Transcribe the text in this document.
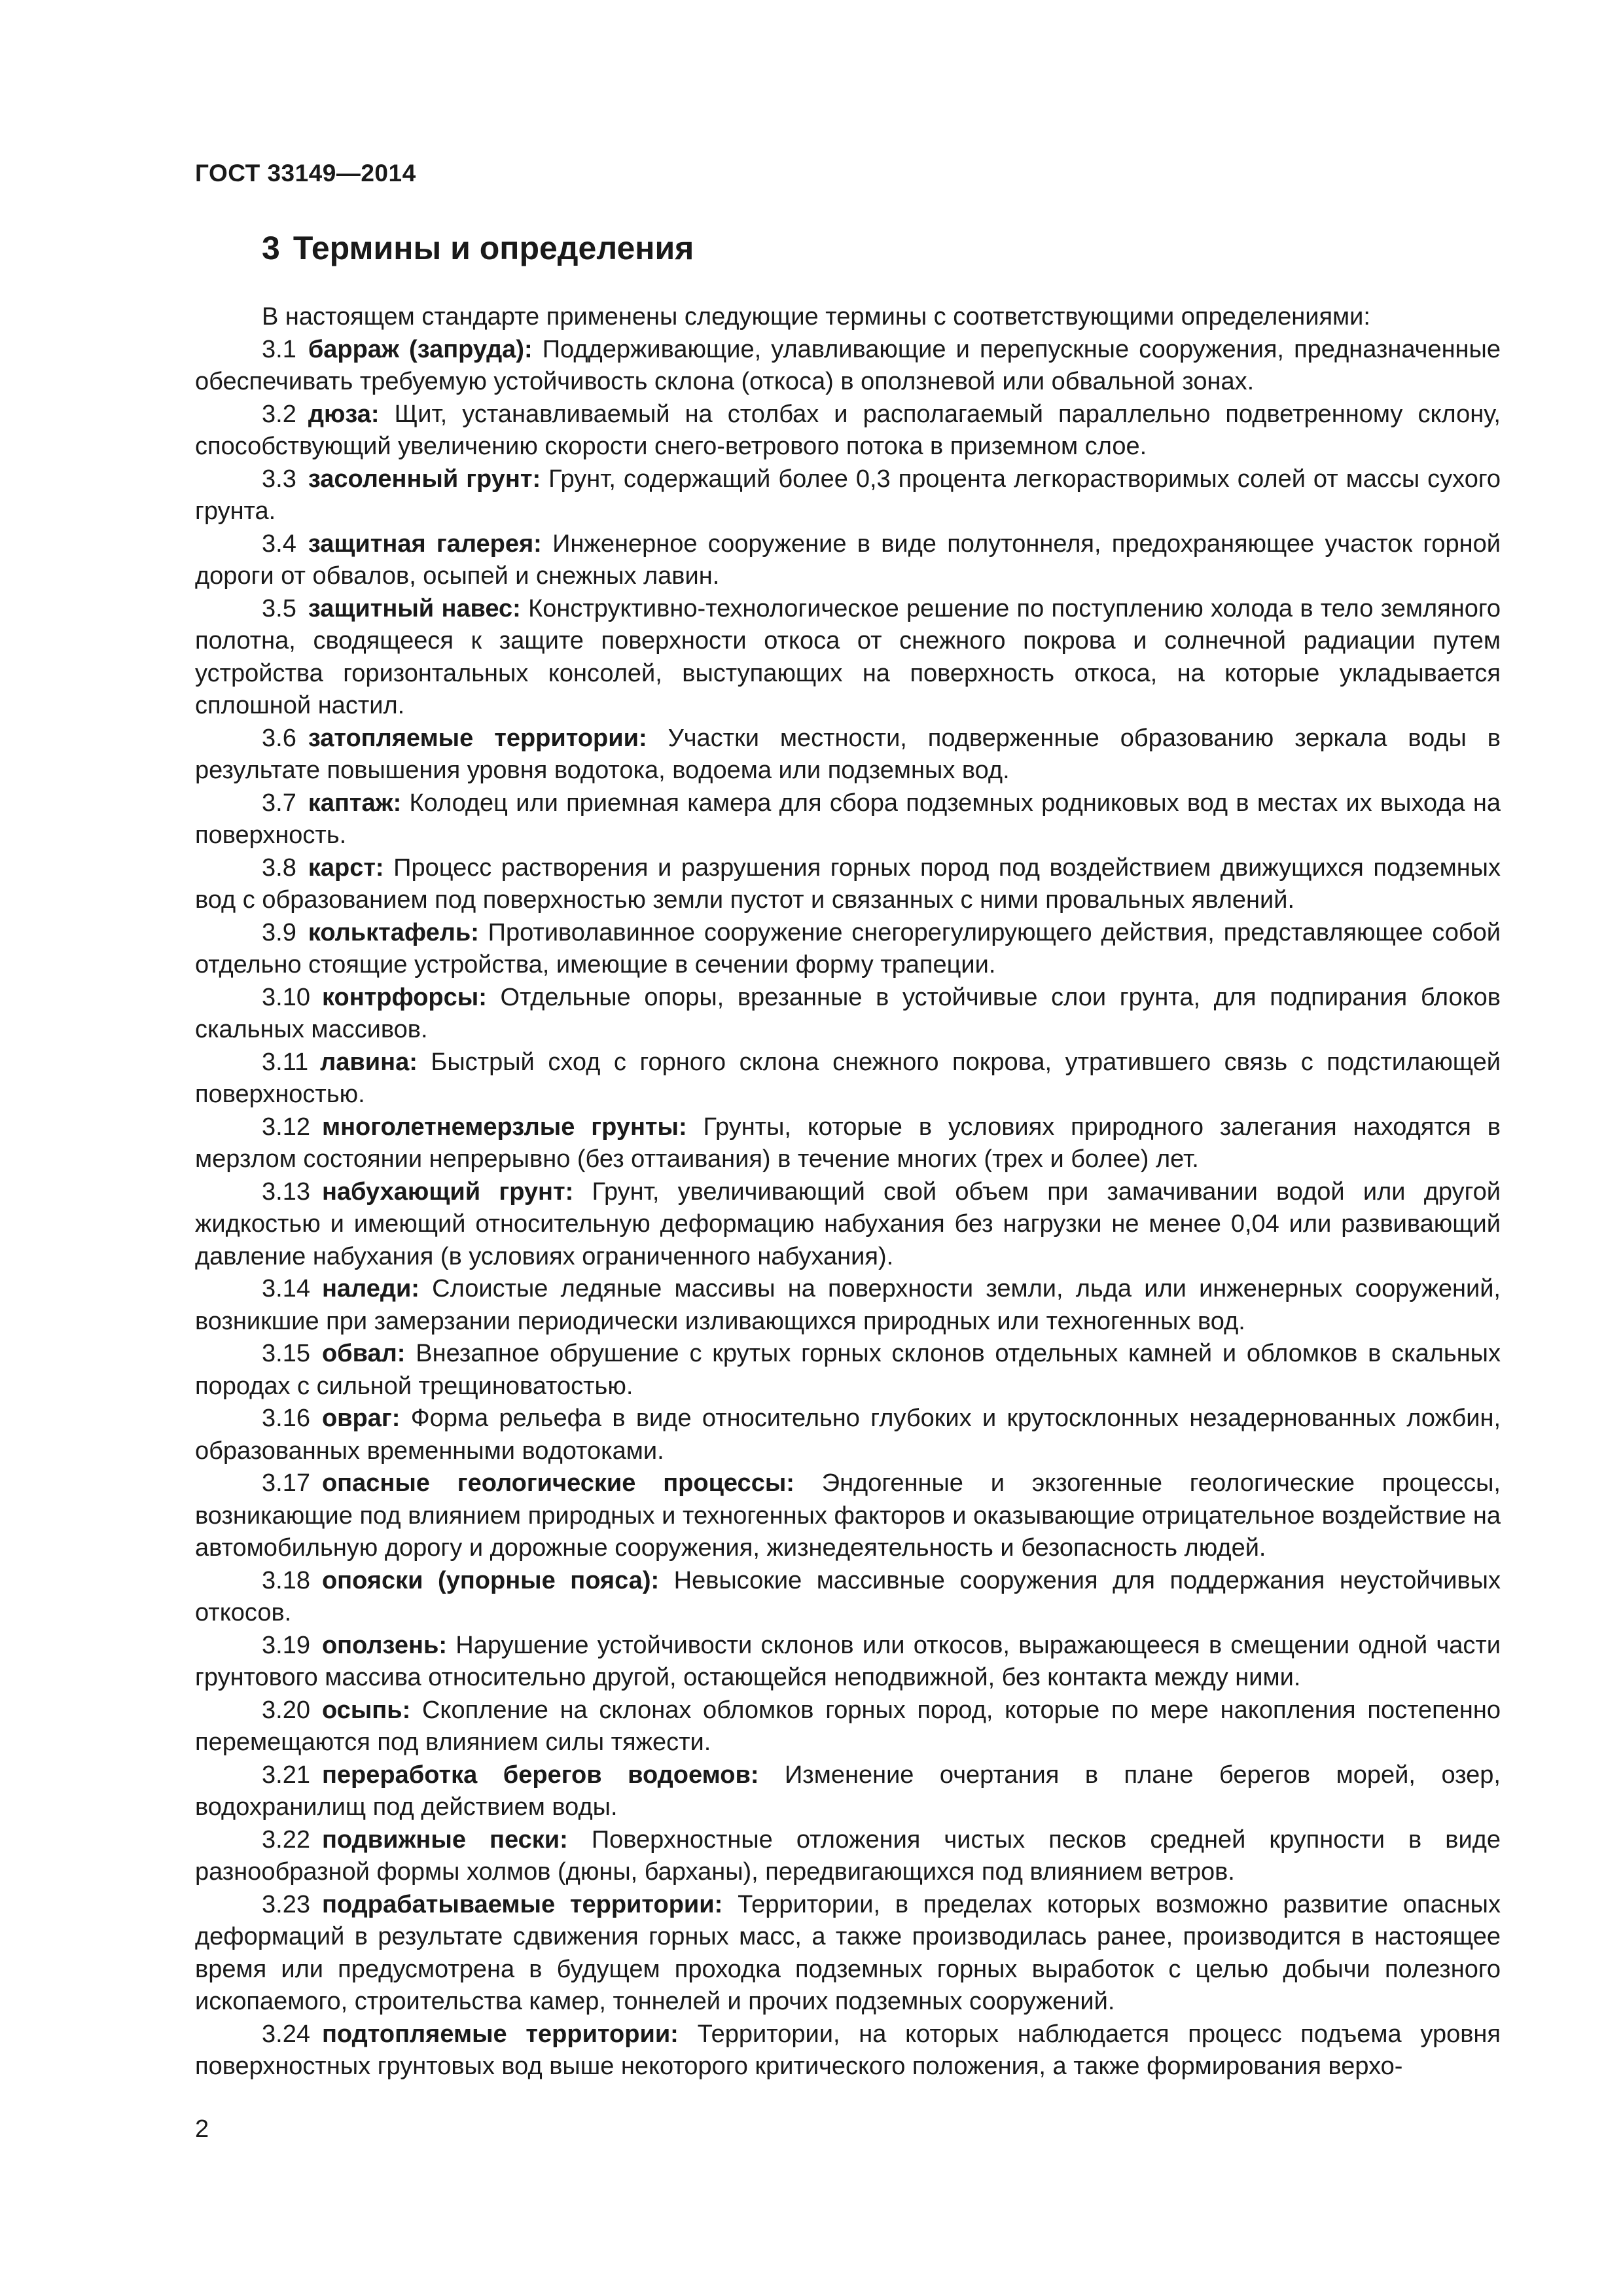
ГОСТ 33149—2014
3 Термины и определения

В настоящем стандарте применены следующие термины с соответствующими определениями:

3.1 барраж (запруда): Поддерживающие, улавливающие и перепускные сооружения, предназначенные обеспечивать требуемую устойчивость склона (откоса) в оползневой или обвальной зонах.

3.2 дюза: Щит, устанавливаемый на столбах и располагаемый параллельно подветренному склону, способствующий увеличению скорости снего-ветрового потока в приземном слое.

3.3 засоленный грунт: Грунт, содержащий более 0,3 процента легкорастворимых солей от массы сухого грунта.

3.4 защитная галерея: Инженерное сооружение в виде полутоннеля, предохраняющее участок горной дороги от обвалов, осыпей и снежных лавин.

3.5 защитный навес: Конструктивно-технологическое решение по поступлению холода в тело земляного полотна, сводящееся к защите поверхности откоса от снежного покрова и солнечной радиации путем устройства горизонтальных консолей, выступающих на поверхность откоса, на которые укладывается сплошной настил.

3.6 затопляемые территории: Участки местности, подверженные образованию зеркала воды в результате повышения уровня водотока, водоема или подземных вод.

3.7 каптаж: Колодец или приемная камера для сбора подземных родниковых вод в местах их выхода на поверхность.

3.8 карст: Процесс растворения и разрушения горных пород под воздействием движущихся подземных вод с образованием под поверхностью земли пустот и связанных с ними провальных явлений.

3.9 кольктафель: Противолавинное сооружение снегорегулирующего действия, представляющее собой отдельно стоящие устройства, имеющие в сечении форму трапеции.

3.10 контрфорсы: Отдельные опоры, врезанные в устойчивые слои грунта, для подпирания блоков скальных массивов.

3.11 лавина: Быстрый сход с горного склона снежного покрова, утратившего связь с подстилающей поверхностью.

3.12 многолетнемерзлые грунты: Грунты, которые в условиях природного залегания находятся в мерзлом состоянии непрерывно (без оттаивания) в течение многих (трех и более) лет.

3.13 набухающий грунт: Грунт, увеличивающий свой объем при замачивании водой или другой жидкостью и имеющий относительную деформацию набухания без нагрузки не менее 0,04 или развивающий давление набухания (в условиях ограниченного набухания).

3.14 наледи: Слоистые ледяные массивы на поверхности земли, льда или инженерных сооружений, возникшие при замерзании периодически изливающихся природных или техногенных вод.

3.15 обвал: Внезапное обрушение с крутых горных склонов отдельных камней и обломков в скальных породах с сильной трещиноватостью.

3.16 овраг: Форма рельефа в виде относительно глубоких и крутосклонных незадернованных ложбин, образованных временными водотоками.

3.17 опасные геологические процессы: Эндогенные и экзогенные геологические процессы, возникающие под влиянием природных и техногенных факторов и оказывающие отрицательное воздействие на автомобильную дорогу и дорожные сооружения, жизнедеятельность и безопасность людей.

3.18 опояски (упорные пояса): Невысокие массивные сооружения для поддержания неустойчивых откосов.

3.19 оползень: Нарушение устойчивости склонов или откосов, выражающееся в смещении одной части грунтового массива относительно другой, остающейся неподвижной, без контакта между ними.

3.20 осыпь: Скопление на склонах обломков горных пород, которые по мере накопления постепенно перемещаются под влиянием силы тяжести.

3.21 переработка берегов водоемов: Изменение очертания в плане берегов морей, озер, водохранилищ под действием воды.

3.22 подвижные пески: Поверхностные отложения чистых песков средней крупности в виде разнообразной формы холмов (дюны, барханы), передвигающихся под влиянием ветров.

3.23 подрабатываемые территории: Территории, в пределах которых возможно развитие опасных деформаций в результате сдвижения горных масс, а также производилась ранее, производится в настоящее время или предусмотрена в будущем проходка подземных горных выработок с целью добычи полезного ископаемого, строительства камер, тоннелей и прочих подземных сооружений.

3.24 подтопляемые территории: Территории, на которых наблюдается процесс подъема уровня поверхностных грунтовых вод выше некоторого критического положения, а также формирования верхо-

2
